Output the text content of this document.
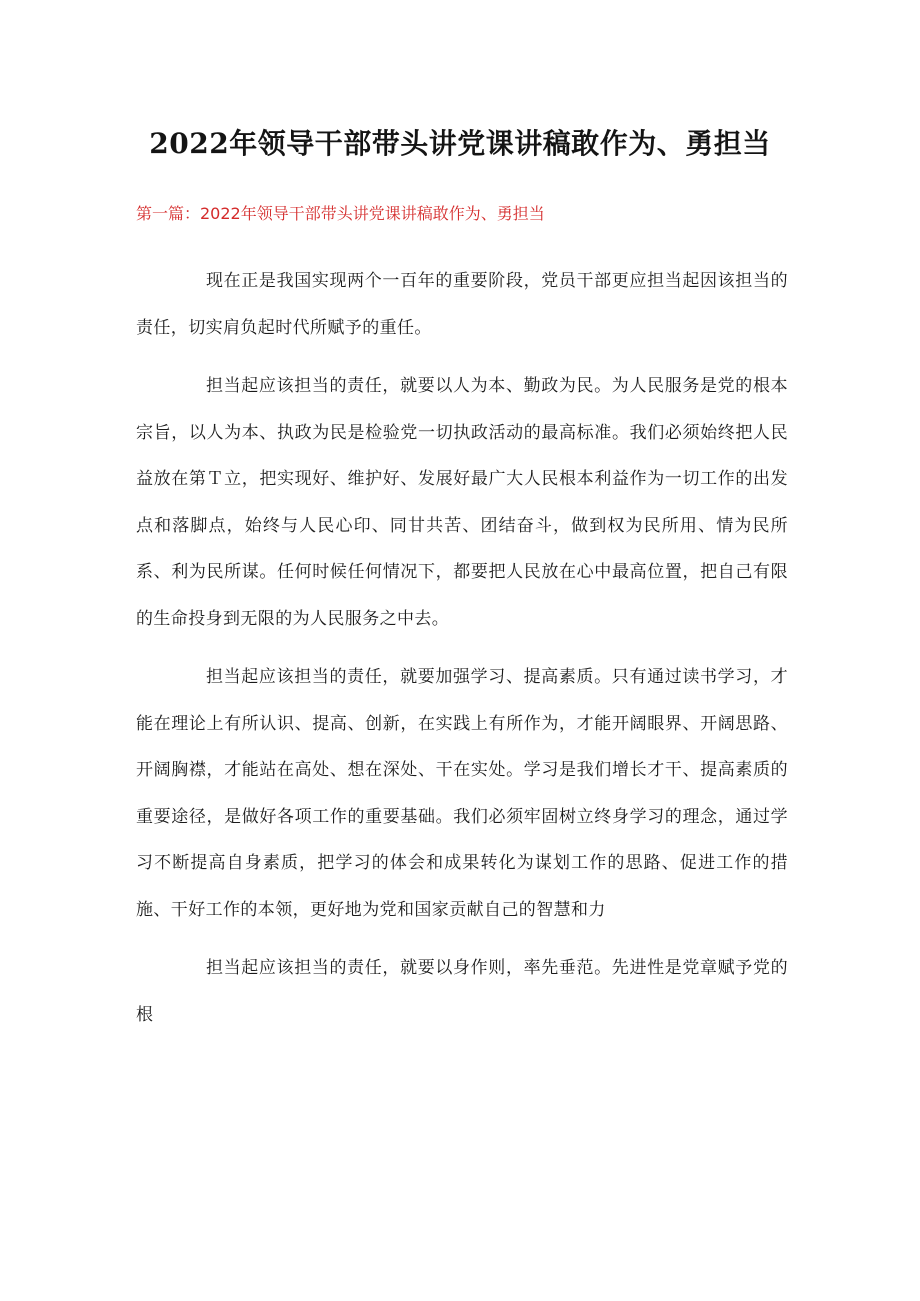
2022年领导干部带头讲党课讲稿敢作为、勇担当
第一篇：2022年领导干部带头讲党课讲稿敢作为、勇担当

现在正是我国实现两个一百年的重要阶段，党员干部更应担当起因该担当的责任，切实肩负起时代所赋予的重任。

担当起应该担当的责任，就要以人为本、勤政为民。为人民服务是党的根本宗旨，以人为本、执政为民是检验党一切执政活动的最高标准。我们必须始终把人民益放在第Ｔ立，把实现好、维护好、发展好最广大人民根本利益作为一切工作的出发点和落脚点，始终与人民心印、同甘共苦、团结奋斗，做到权为民所用、情为民所系、利为民所谋。任何时候任何情况下，都要把人民放在心中最高位置，把自己有限的生命投身到无限的为人民服务之中去。

担当起应该担当的责任，就要加强学习、提高素质。只有通过读书学习，才能在理论上有所认识、提高、创新，在实践上有所作为，才能开阔眼界、开阔思路、开阔胸襟，才能站在高处、想在深处、干在实处。学习是我们增长才干、提高素质的重要途径，是做好各项工作的重要基础。我们必须牢固树立终身学习的理念，通过学习不断提高自身素质，把学习的体会和成果转化为谋划工作的思路、促进工作的措施、干好工作的本领，更好地为党和国家贡献自己的智慧和力

担当起应该担当的责任，就要以身作则，率先垂范。先进性是党章赋予党的根
